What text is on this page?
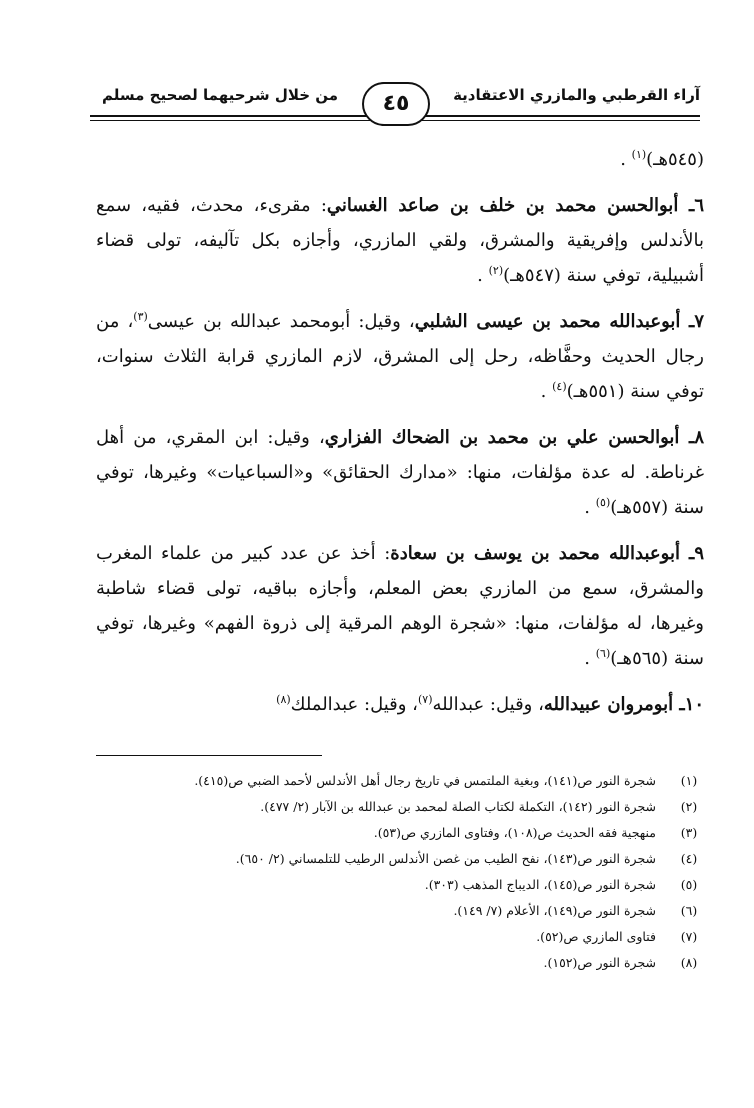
آراء القرطبي والمازري الاعتقادية
من خلال شرحيهما لصحيح مسلم	٤٥

(٥٤٥هـ)$^{(١)}$ .

٦ـ أبوالحسن محمد بن خلف بن صاعد الغساني: مقرىء، محدث، فقيه، سمع بالأندلس وإفريقية والمشرق، ولقي المازري، وأجازه بكل تآليفه، تولى قضاء أشبيلية، توفي سنة (٥٤٧هـ)$^{(٢)}$ .

٧ـ أبوعبدالله محمد بن عيسى الشلبي، وقيل: أبومحمد عبدالله بن عيسى$^{(٣)}$، من رجال الحديث وحفَّاظه، رحل إلى المشرق، لازم المازري قرابة الثلاث سنوات، توفي سنة (٥٥١هـ)$^{(٤)}$ .

٨ـ أبوالحسن علي بن محمد بن الضحاك الفزاري، وقيل: ابن المقري، من أهل غرناطة. له عدة مؤلفات، منها: «مدارك الحقائق» و«السباعيات» وغيرها، توفي سنة (٥٥٧هـ)$^{(٥)}$ .

٩ـ أبوعبدالله محمد بن يوسف بن سعادة: أخذ عن عدد كبير من علماء المغرب والمشرق، سمع من المازري بعض المعلم، وأجازه بباقيه، تولى قضاء شاطبة وغيرها، له مؤلفات، منها: «شجرة الوهم المرقية إلى ذروة الفهم» وغيرها، توفي سنة (٥٦٥هـ)$^{(٦)}$ .

١٠ـ أبومروان عبيدالله، وقيل: عبدالله$^{(٧)}$، وقيل: عبدالملك$^{(٨)}$

(١)
شجرة النور ص(١٤١)، وبغية الملتمس في تاريخ رجال أهل الأندلس لأحمد الضبي ص(٤١٥).

(٢)
شجرة النور (١٤٢)، التكملة لكتاب الصلة لمحمد بن عبدالله بن الآبار (٢/ ٤٧٧).

(٣)
منهجية فقه الحديث ص(١٠٨)، وفتاوى المازري ص(٥٣).

(٤)
شجرة النور ص(١٤٣)، نفح الطيب من غصن الأندلس الرطيب للتلمساني (٢/ ٦٥٠).

(٥)
شجرة النور ص(١٤٥)، الديباج المذهب (٣٠٣).

(٦)
شجرة النور ص(١٤٩)، الأعلام (٧/ ١٤٩).

(٧)
فتاوى المازري ص(٥٢).

(٨)
شجرة النور ص(١٥٢).
